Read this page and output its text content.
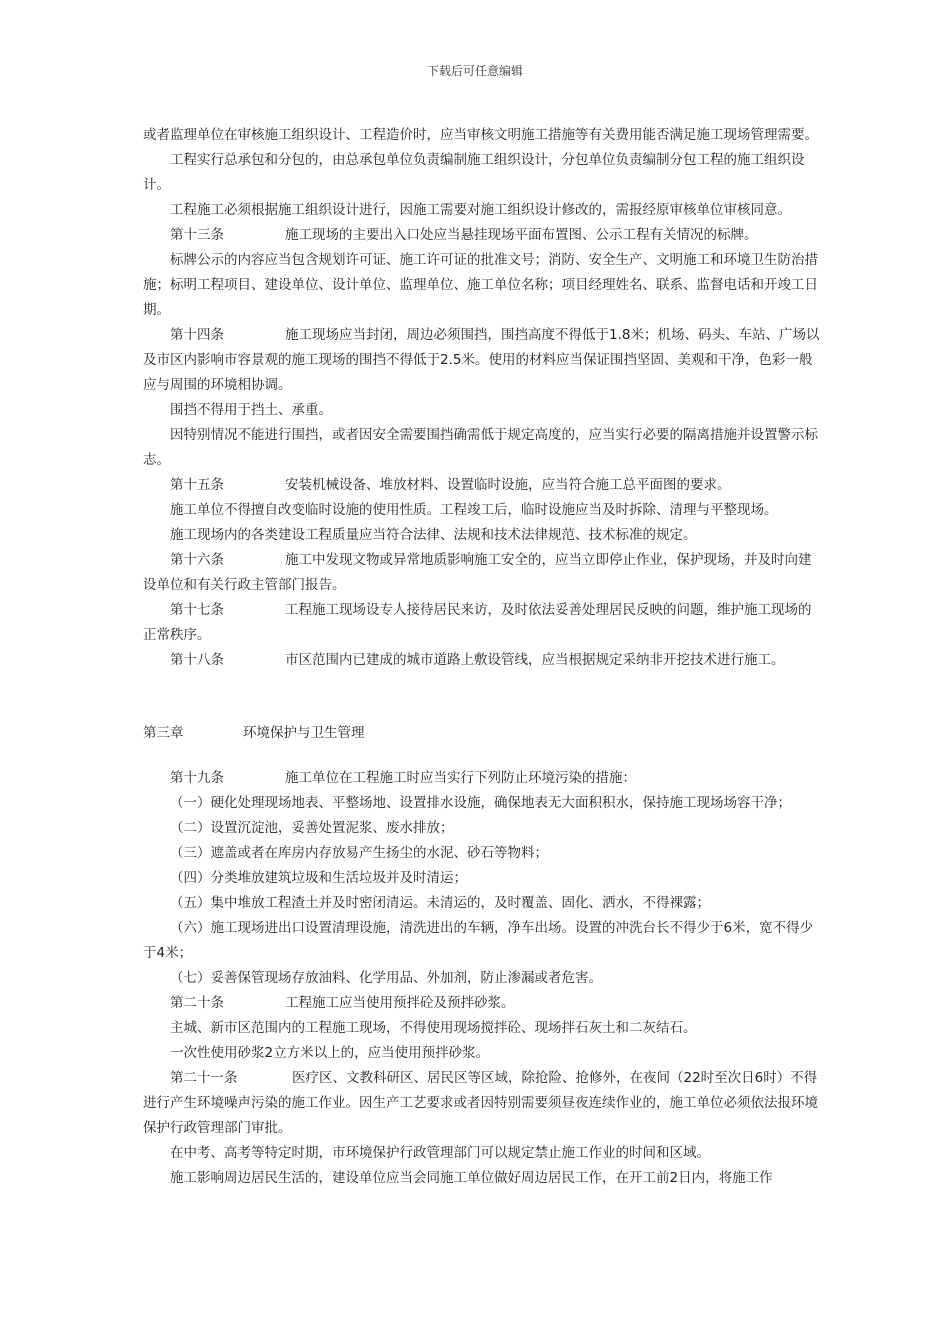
下载后可任意编辑

或者监理单位在审核施工组织设计、工程造价时，应当审核文明施工措施等有关费用能否满足施工现场管理需要。

工程实行总承包和分包的，由总承包单位负责编制施工组织设计，分包单位负责编制分包工程的施工组织设计。

工程施工必须根据施工组织设计进行，因施工需要对施工组织设计修改的，需报经原审核单位审核同意。

第十三条	施工现场的主要出入口处应当悬挂现场平面布置图、公示工程有关情况的标牌。

标牌公示的内容应当包含规划许可证、施工许可证的批准文号；消防、安全生产、文明施工和环境卫生防治措施；标明工程项目、建设单位、设计单位、监理单位、施工单位名称；项目经理姓名、联系、监督电话和开竣工日期。

第十四条	施工现场应当封闭，周边必须围挡，围挡高度不得低于1.8米；机场、码头、车站、广场以及市区内影响市容景观的施工现场的围挡不得低于2.5米。使用的材料应当保证围挡坚固、美观和干净，色彩一般应与周围的环境相协调。

围挡不得用于挡土、承重。

因特别情况不能进行围挡，或者因安全需要围挡确需低于规定高度的，应当实行必要的隔离措施并设置警示标志。

第十五条	安装机械设备、堆放材料、设置临时设施，应当符合施工总平面图的要求。

施工单位不得擅自改变临时设施的使用性质。工程竣工后，临时设施应当及时拆除、清理与平整现场。

施工现场内的各类建设工程质量应当符合法律、法规和技术法律规范、技术标准的规定。

第十六条	施工中发现文物或异常地质影响施工安全的，应当立即停止作业，保护现场，并及时向建设单位和有关行政主管部门报告。

第十七条	工程施工现场设专人接待居民来访，及时依法妥善处理居民反映的问题，维护施工现场的正常秩序。

第十八条	市区范围内已建成的城市道路上敷设管线，应当根据规定采纳非开挖技术进行施工。

第三章	环境保护与卫生管理

第十九条	施工单位在工程施工时应当实行下列防止环境污染的措施：

（一）硬化处理现场地表、平整场地、设置排水设施，确保地表无大面积积水，保持施工现场场容干净；

（二）设置沉淀池，妥善处置泥浆、废水排放；

（三）遮盖或者在库房内存放易产生扬尘的水泥、砂石等物料；

（四）分类堆放建筑垃圾和生活垃圾并及时清运；

（五）集中堆放工程渣土并及时密闭清运。未清运的，及时覆盖、固化、洒水，不得裸露；

（六）施工现场进出口设置清理设施，清洗进出的车辆，净车出场。设置的冲洗台长不得少于6米，宽不得少于4米；

（七）妥善保管现场存放油料、化学用品、外加剂，防止渗漏或者危害。

第二十条	工程施工应当使用预拌砼及预拌砂浆。

主城、新市区范围内的工程施工现场，不得使用现场搅拌砼、现场拌石灰土和二灰结石。

一次性使用砂浆2立方米以上的，应当使用预拌砂浆。

第二十一条	医疗区、文教科研区、居民区等区域，除抢险、抢修外，在夜间（22时至次日6时）不得进行产生环境噪声污染的施工作业。因生产工艺要求或者因特别需要须昼夜连续作业的，施工单位必须依法报环境保护行政管理部门审批。

在中考、高考等特定时期，市环境保护行政管理部门可以规定禁止施工作业的时间和区域。

施工影响周边居民生活的，建设单位应当会同施工单位做好周边居民工作，在开工前2日内，将施工作
